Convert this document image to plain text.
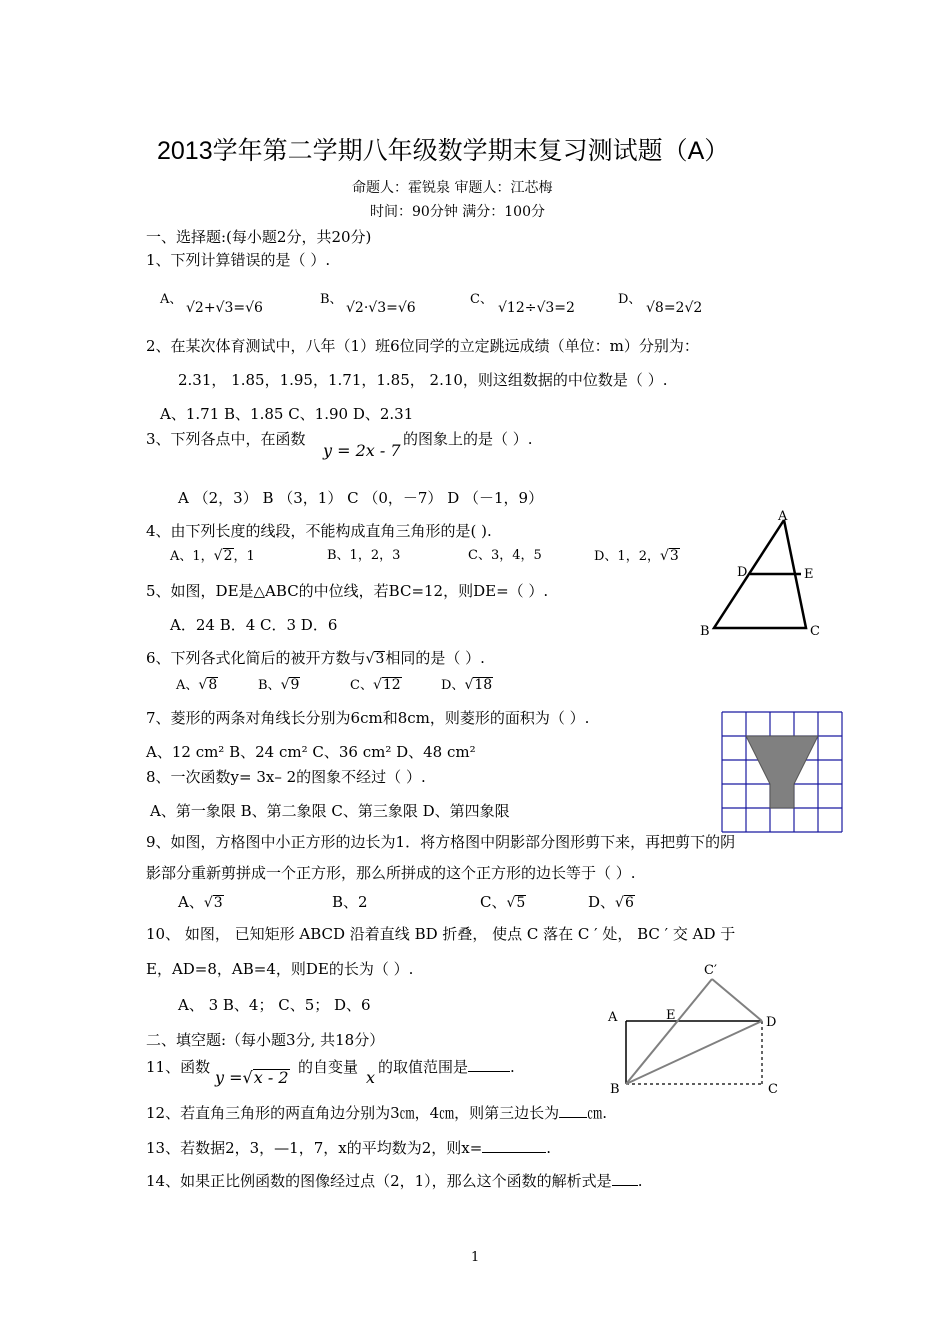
2013学年第二学期八年级数学期末复习测试题（A）
命题人：霍锐泉 审题人：江芯梅
时间：90分钟 满分：100分
一、选择题:(每小题2分，共20分)
1、下列计算错误的是（ ）.
A、
√2+√3=√6
B、
√2·√3=√6
C、
√12÷√3=2
D、
√8=2√2
2、在某次体育测试中，八年（1）班6位同学的立定跳远成绩（单位：m）分别为：
2.31， 1.85，1.95，1.71，1.85， 2.10，则这组数据的中位数是（ ）.
A、1.71 B、1.85 C、1.90 D、2.31
3、下列各点中，在函数
y = 2x - 7
的图象上的是（ ）.
A （2，3） B （3，1） C （0，－7） D （－1，9）
4、由下列长度的线段，不能构成直角三角形的是( ).
A、1，√2，1	B、1，2，3	C、3，4，5	D、1，2，√3
5、如图，DE是△ABC的中位线，若BC=12，则DE=（ ）.
A．24 B．4 C．3 D．6
A
D	E
B	C
6、下列各式化简后的被开方数与√3相同的是（ ）.
A、√8	B、√9	C、√12	D、√18
7、菱形的两条对角线长分别为6cm和8cm，则菱形的面积为（ ）.
A、12 cm² B、24 cm² C、36 cm² D、48 cm²
8、一次函数y= 3x– 2的图象不经过（ ）.
A、第一象限 B、第二象限 C、第三象限 D、第四象限
9、如图，方格图中小正方形的边长为1．将方格图中阴影部分图形剪下来，再把剪下的阴
影部分重新剪拼成一个正方形，那么所拼成的这个正方形的边长等于（ ）.
A、√3	B、2	C、√5	D、√6
10、 如图， 已知矩形 ABCD 沿着直线 BD 折叠， 使点 C 落在 C ′ 处， BC ′ 交 AD 于
E，AD=8，AB=4，则DE的长为（ ）.
A、 3 B、4； C、5； D、6
C′
A	E	D
B	C
二、填空题:（每小题3分, 共18分）
11、函数
y =√x - 2
的自变量
x
的取值范围是	.
12、若直角三角形的两直角边分别为3㎝，4㎝，则第三边长为 ㎝.
13、若数据2，3，—1，7，x的平均数为2，则x=	.
14、如果正比例函数的图像经过点（2，1），那么这个函数的解析式是 .
1
